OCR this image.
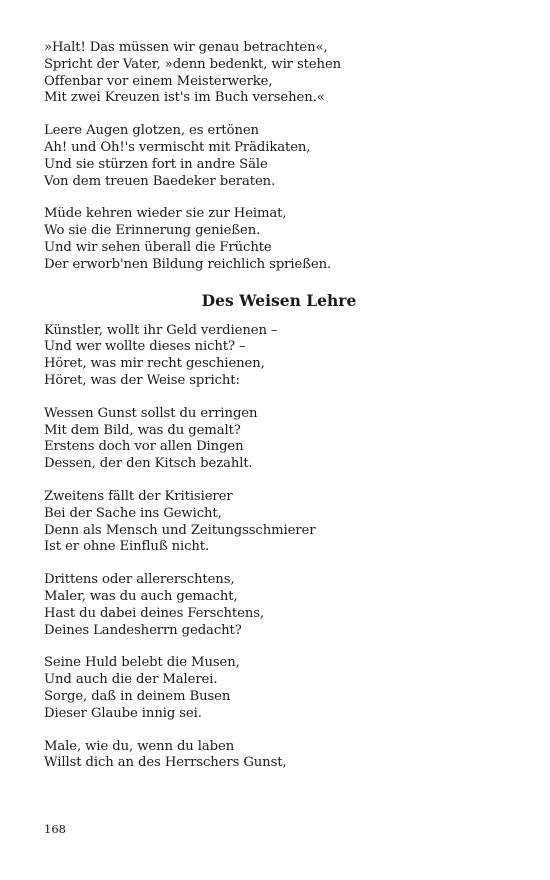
»Halt! Das müssen wir genau betrachten«,
Spricht der Vater, »denn bedenkt, wir stehen
Offenbar vor einem Meisterwerke,
Mit zwei Kreuzen ist's im Buch versehen.«
Leere Augen glotzen, es ertönen
Ah! und Oh!'s vermischt mit Prädikaten,
Und sie stürzen fort in andre Säle
Von dem treuen Baedeker beraten.
Müde kehren wieder sie zur Heimat,
Wo sie die Erinnerung genießen.
Und wir sehen überall die Früchte
Der erworb'nen Bildung reichlich sprießen.
Des Weisen Lehre
Künstler, wollt ihr Geld verdienen –
Und wer wollte dieses nicht? –
Höret, was mir recht geschienen,
Höret, was der Weise spricht:
Wessen Gunst sollst du erringen
Mit dem Bild, was du gemalt?
Erstens doch vor allen Dingen
Dessen, der den Kitsch bezahlt.
Zweitens fällt der Kritisierer
Bei der Sache ins Gewicht,
Denn als Mensch und Zeitungsschmierer
Ist er ohne Einfluß nicht.
Drittens oder allererschtens,
Maler, was du auch gemacht,
Hast du dabei deines Ferschtens,
Deines Landesherrn gedacht?
Seine Huld belebt die Musen,
Und auch die der Malerei.
Sorge, daß in deinem Busen
Dieser Glaube innig sei.
Male, wie du, wenn du laben
Willst dich an des Herrschers Gunst,
168
